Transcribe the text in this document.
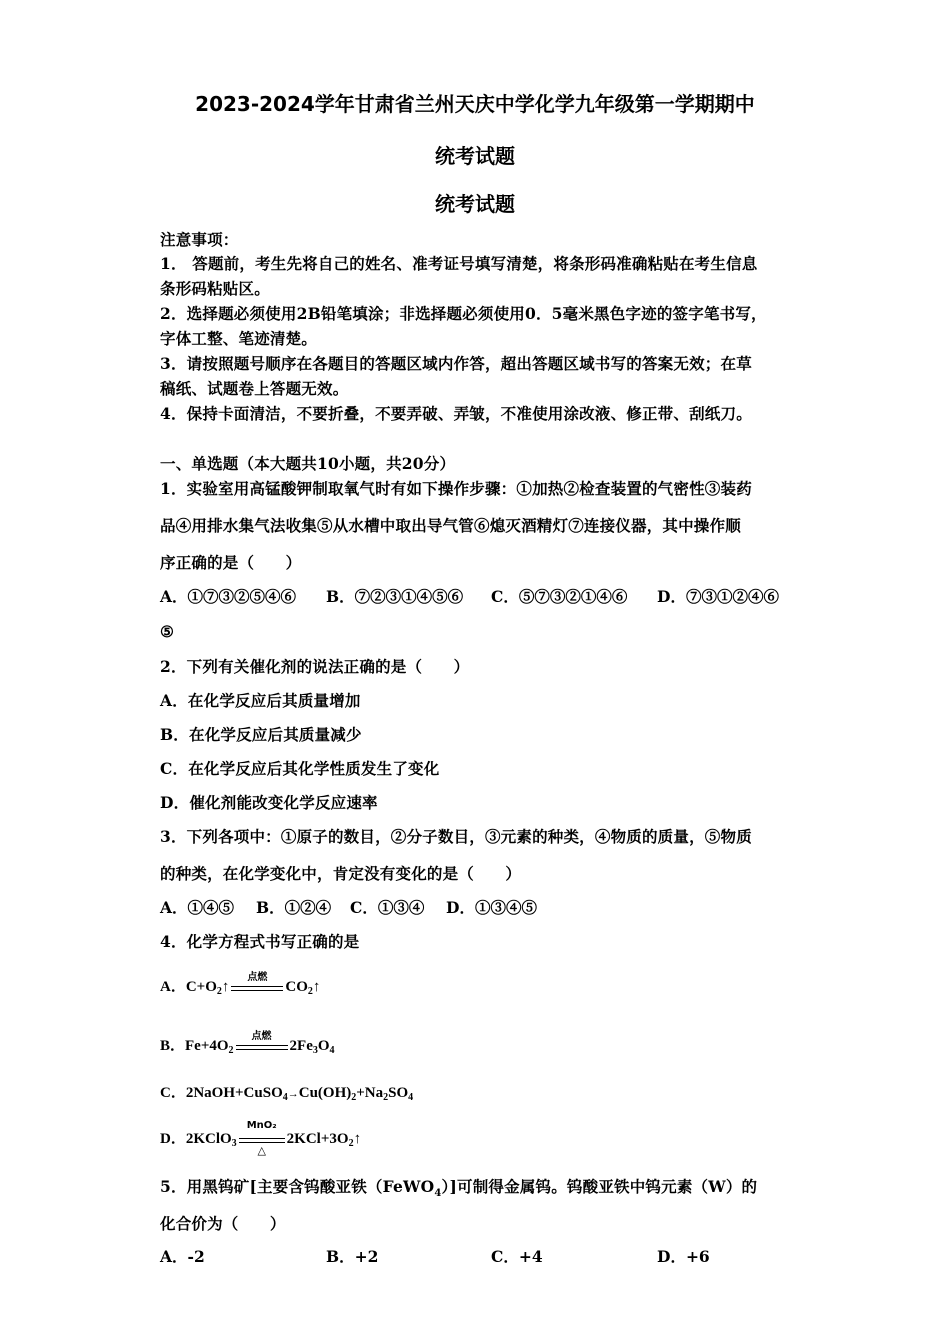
2023-2024学年甘肃省兰州天庆中学化学九年级第一学期期中
统考试题
统考试题
注意事项：
1． 答题前，考生先将自己的姓名、准考证号填写清楚，将条形码准确粘贴在考生信息
条形码粘贴区。
2．选择题必须使用2B铅笔填涂；非选择题必须使用0．5毫米黑色字迹的签字笔书写，
字体工整、笔迹清楚。
3．请按照题号顺序在各题目的答题区域内作答，超出答题区域书写的答案无效；在草
稿纸、试题卷上答题无效。
4．保持卡面清洁，不要折叠，不要弄破、弄皱，不准使用涂改液、修正带、刮纸刀。
一、单选题（本大题共10小题，共20分）
1．实验室用高锰酸钾制取氧气时有如下操作步骤：①加热②检查装置的气密性③装药
品④用排水集气法收集⑤从水槽中取出导气管⑥熄灭酒精灯⑦连接仪器，其中操作顺
序正确的是（　　）
A．①⑦③②⑤④⑥ B．⑦②③①④⑤⑥ C．⑤⑦③②①④⑥ D．⑦③①②④⑥
⑤
2．下列有关催化剂的说法正确的是（　　）
A．在化学反应后其质量增加
B．在化学反应后其质量减少
C．在化学反应后其化学性质发生了变化
D．催化剂能改变化学反应速率
3．下列各项中：①原子的数目，②分子数目，③元素的种类，④物质的质量，⑤物质
的种类，在化学变化中，肯定没有变化的是（　　）
A．①④⑤ B．①②④ C．①③④ D．①③④⑤
4．化学方程式书写正确的是
A．$C+O_2↑$
点燃
$CO_2↑$
B．$Fe+4O_2$
点燃
$2Fe_3O_4$
C．$2NaOH+CuSO_4\to Cu(OH)_2+Na_2SO_4$
D．2KClO$_3$
MnO₂
△
$2KCl+3O_2↑$
5．用黑钨矿[主要含钨酸亚铁（FeWO$_4$）]可制得金属钨。钨酸亚铁中钨元素（W）的
化合价为（　　）
A．-2	B．+2	C．+4	D．+6
